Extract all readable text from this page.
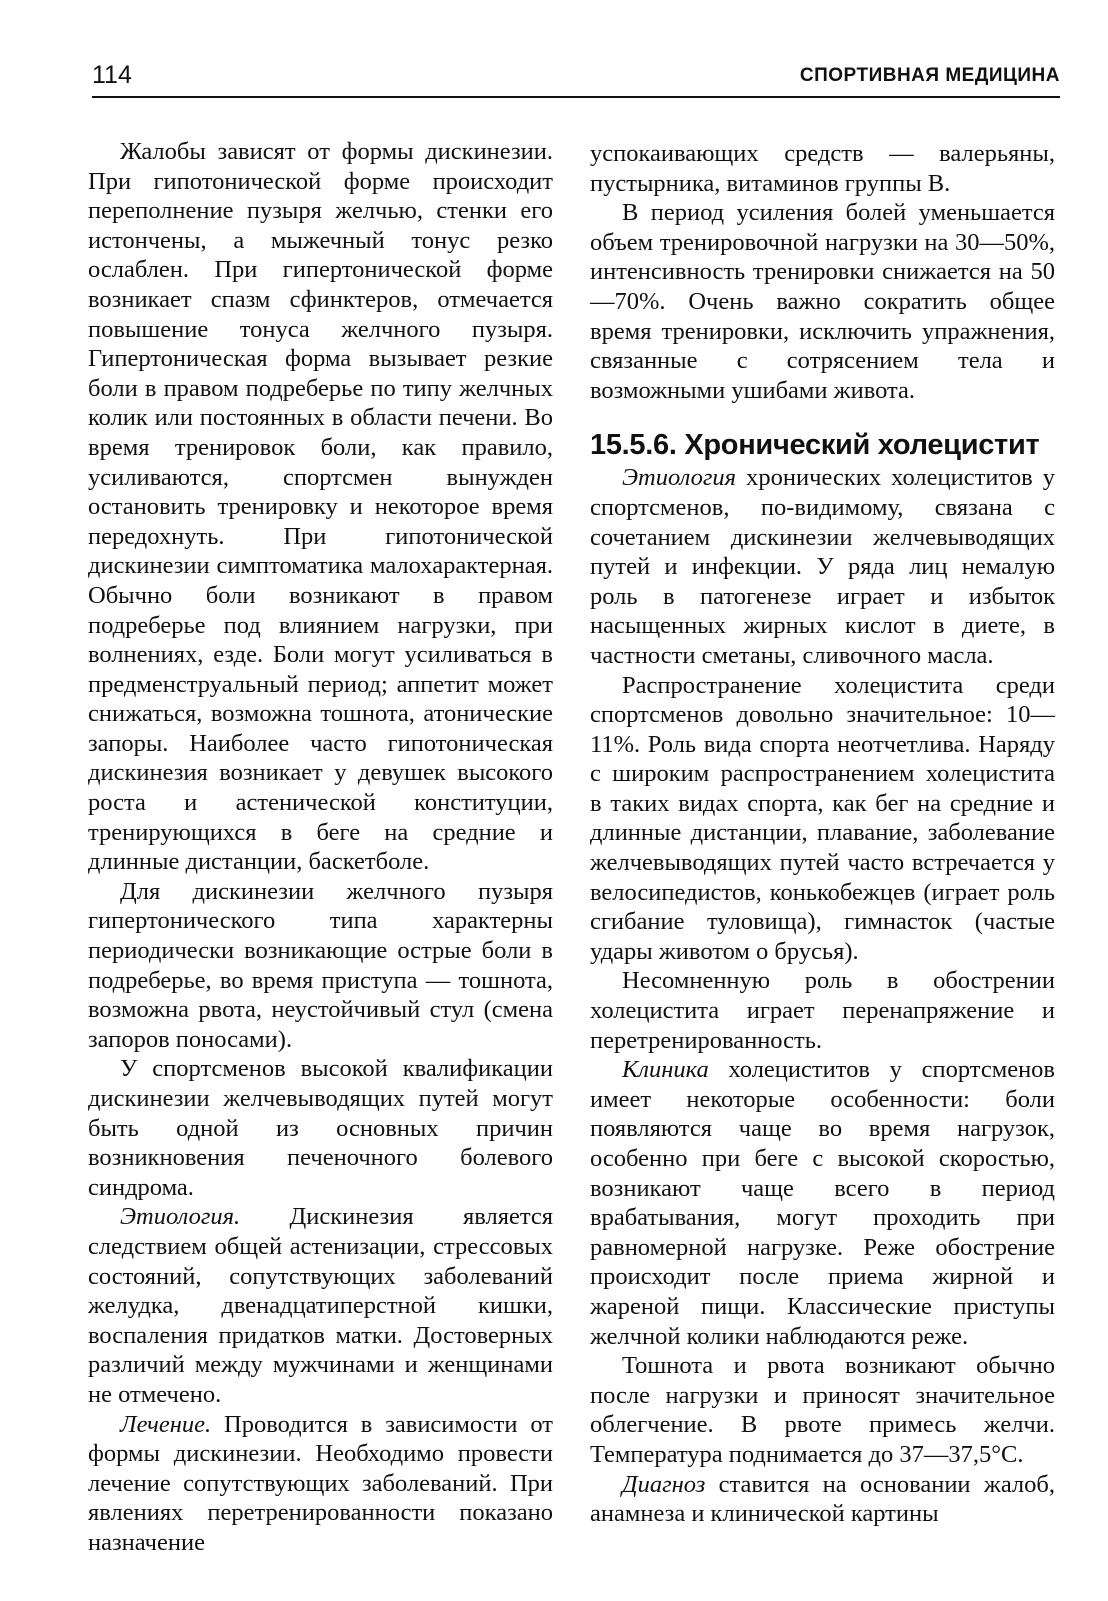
114	СПОРТИВНАЯ МЕДИЦИНА

Жалобы зависят от формы дискинезии. При гипотонической форме происходит переполнение пузыря желчью, стенки его истончены, а мыжечный тонус резко ослаблен. При гипертонической форме возникает спазм сфинктеров, отмечается повышение тонуса желчного пузыря. Гипертоническая форма вызывает резкие боли в правом подреберье по типу желчных колик или постоянных в области печени. Во время тренировок боли, как правило, усиливаются, спортсмен вынужден остановить тренировку и некоторое время передохнуть. При гипотонической дискинезии симптоматика малохарактерная. Обычно боли возникают в правом подреберье под влиянием нагрузки, при волнениях, езде. Боли могут усиливаться в предменструальный период; аппетит может снижаться, возможна тошнота, атонические запоры. Наиболее часто гипотоническая дискинезия возникает у девушек высокого роста и астенической конституции, тренирующихся в беге на средние и длинные дистанции, баскетболе.

Для дискинезии желчного пузыря гипертонического типа характерны периодически возникающие острые боли в подреберье, во время приступа — тошнота, возможна рвота, неустойчивый стул (смена запоров поносами).

У спортсменов высокой квалификации дискинезии желчевыводящих путей могут быть одной из основных причин возникновения печеночного болевого синдрома.

Этиология. Дискинезия является следствием общей астенизации, стрессовых состояний, сопутствующих заболеваний желудка, двенадцатиперстной кишки, воспаления придатков матки. Достоверных различий между мужчинами и женщинами не отмечено.

Лечение. Проводится в зависимости от формы дискинезии. Необходимо провести лечение сопутствующих заболеваний. При явлениях перетренированности показано назначение

успокаивающих средств — валерьяны, пустырника, витаминов группы В.

В период усиления болей уменьшается объем тренировочной нагрузки на 30—50%, интенсивность тренировки снижается на 50—70%. Очень важно сократить общее время тренировки, исключить упражнения, связанные с сотрясением тела и возможными ушибами живота.

15.5.6. Хронический холецистит

Этиология хронических холециститов у спортсменов, по-видимому, связана с сочетанием дискинезии желчевыводящих путей и инфекции. У ряда лиц немалую роль в патогенезе играет и избыток насыщенных жирных кислот в диете, в частности сметаны, сливочного масла.

Распространение холецистита среди спортсменов довольно значительное: 10—11%. Роль вида спорта неотчетлива. Наряду с широким распространением холецистита в таких видах спорта, как бег на средние и длинные дистанции, плавание, заболевание желчевыводящих путей часто встречается у велосипедистов, конькобежцев (играет роль сгибание туловища), гимнасток (частые удары животом о брусья).

Несомненную роль в обострении холецистита играет перенапряжение и перетренированность.

Клиника холециститов у спортсменов имеет некоторые особенности: боли появляются чаще во время нагрузок, особенно при беге с высокой скоростью, возникают чаще всего в период врабатывания, могут проходить при равномерной нагрузке. Реже обострение происходит после приема жирной и жареной пищи. Классические приступы желчной колики наблюдаются реже.

Тошнота и рвота возникают обычно после нагрузки и приносят значительное облегчение. В рвоте примесь желчи. Температура поднимается до 37—37,5°С.

Диагноз ставится на основании жалоб, анамнеза и клинической картины
